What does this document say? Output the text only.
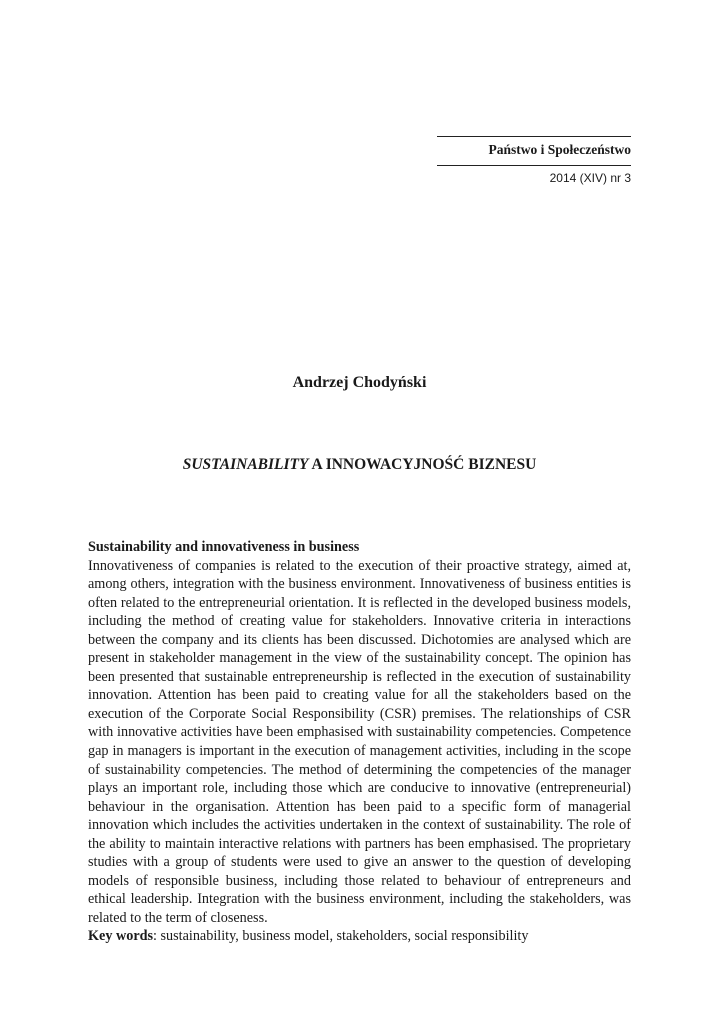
Państwo i Społeczeństwo
2014 (XIV) nr 3
Andrzej Chodyński
SUSTAINABILITY A INNOWACYJNOŚĆ BIZNESU

Sustainability and innovativeness in business

Innovativeness of companies is related to the execution of their proactive strategy, aimed at, among others, integration with the business environment. Innovativeness of business entities is often related to the entrepreneurial orientation. It is reflected in the developed business models, including the method of creating value for stakeholders. Innovative criteria in interactions between the company and its clients has been discussed. Dichotomies are analysed which are present in stakeholder management in the view of the sustainability concept. The opinion has been presented that sustainable entrepreneurship is reflected in the execution of sustainability innovation. Attention has been paid to creating value for all the stakeholders based on the execution of the Corporate Social Responsibility (CSR) premises. The relationships of CSR with innovative activities have been emphasised with sustainability competencies. Competence gap in managers is important in the execution of management activities, including in the scope of sustainability competencies. The method of determining the competencies of the manager plays an important role, including those which are conducive to innovative (entrepreneurial) behaviour in the organisation. Attention has been paid to a specific form of managerial innovation which includes the activities undertaken in the context of sustainability. The role of the ability to maintain interactive relations with partners has been emphasised. The proprietary studies with a group of students were used to give an answer to the question of developing models of responsible business, including those related to behaviour of entrepreneurs and ethical leadership. Integration with the business environment, including the stakeholders, was related to the term of closeness.

Key words: sustainability, business model, stakeholders, social responsibility
